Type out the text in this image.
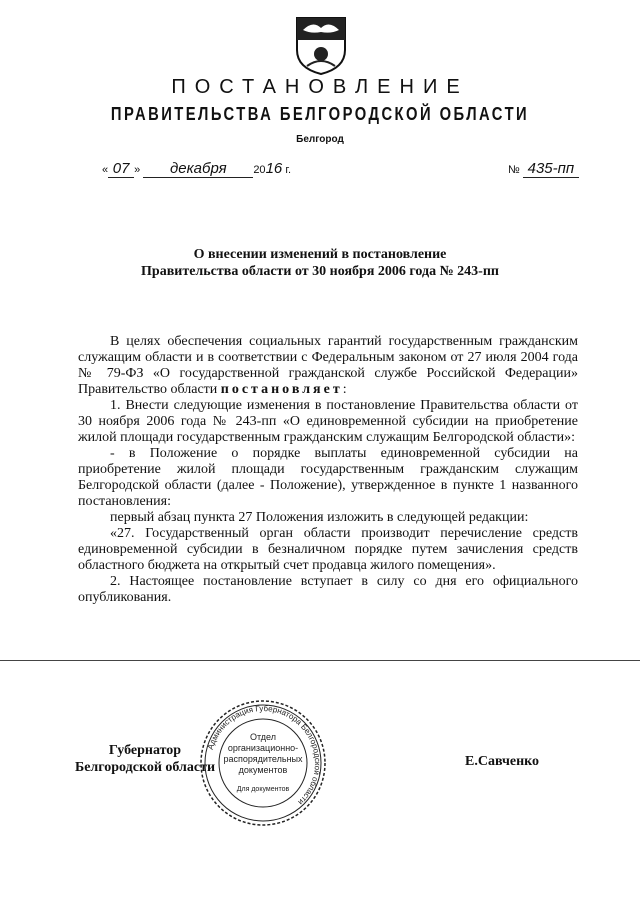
ПОСТАНОВЛЕНИЕ
ПРАВИТЕЛЬСТВА БЕЛГОРОДСКОЙ ОБЛАСТИ
Белгород
« 07 » декабря 2016 г.	№ 435-пп
О внесении изменений в постановление
Правительства области от 30 ноября 2006 года № 243-пп

В целях обеспечения социальных гарантий государственным гражданским служащим области и в соответствии с Федеральным законом от 27 июля 2004 года № 79-ФЗ «О государственной гражданской службе Российской Федерации» Правительство области постановляет:

1. Внести следующие изменения в постановление Правительства области от 30 ноября 2006 года № 243-пп «О единовременной субсидии на приобретение жилой площади государственным гражданским служащим Белгородской области»:

- в Положение о порядке выплаты единовременной субсидии на приобретение жилой площади государственным гражданским служащим Белгородской области (далее - Положение), утвержденное в пункте 1 названного постановления:

первый абзац пункта 27 Положения изложить в следующей редакции:

«27. Государственный орган области производит перечисление средств единовременной субсидии в безналичном порядке путем зачисления средств областного бюджета на открытый счет продавца жилого помещения».

2. Настоящее постановление вступает в силу со дня его официального опубликования.

Губернатор
Белгородской области
Администрация Губернатора Белгородской области
Отдел
организационно-
распорядительных
документов
Для документов
Е.Савченко
